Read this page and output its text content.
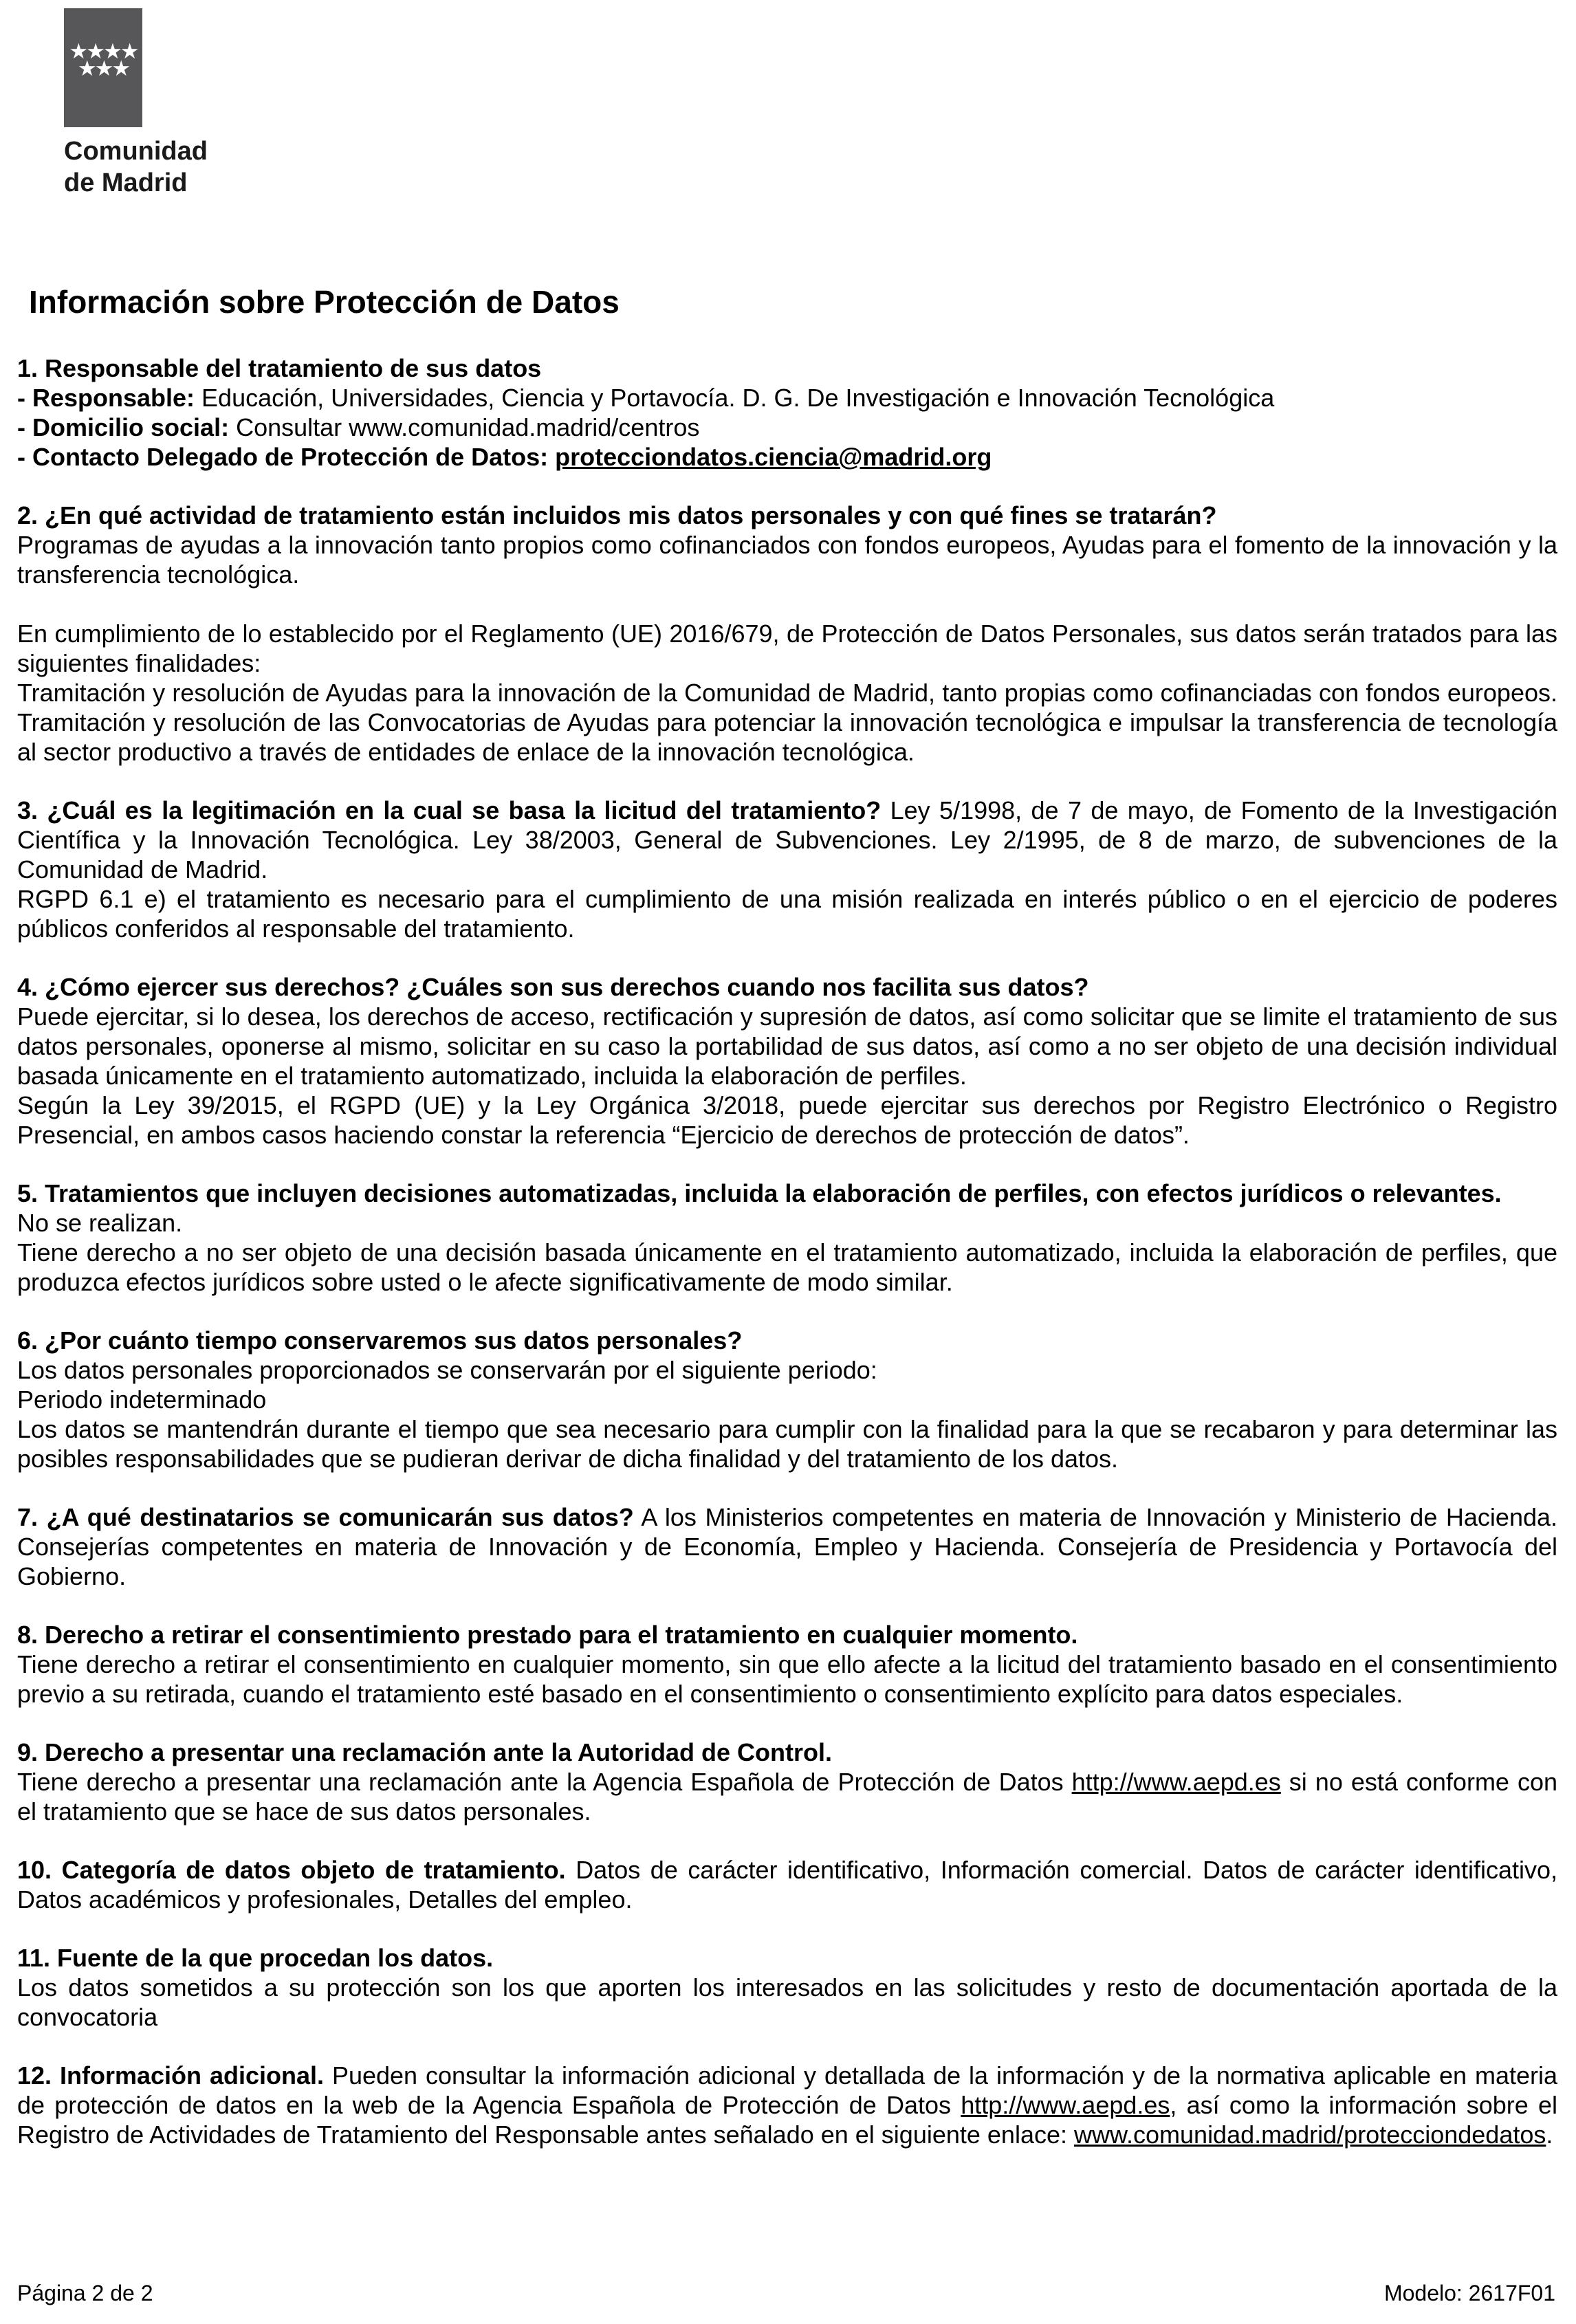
★★★★
★★★
Comunidad
de Madrid
Información sobre Protección de Datos
1. Responsable del tratamiento de sus datos
- Responsable: Educación, Universidades, Ciencia y Portavocía. D. G. De Investigación e Innovación Tecnológica
- Domicilio social: Consultar www.comunidad.madrid/centros
- Contacto Delegado de Protección de Datos: protecciondatos.ciencia@madrid.org
2. ¿En qué actividad de tratamiento están incluidos mis datos personales y con qué fines se tratarán?
Programas de ayudas a la innovación tanto propios como cofinanciados con fondos europeos, Ayudas para el fomento de la innovación y la transferencia tecnológica.
En cumplimiento de lo establecido por el Reglamento (UE) 2016/679, de Protección de Datos Personales, sus datos serán tratados para las siguientes finalidades:
Tramitación y resolución de Ayudas para la innovación de la Comunidad de Madrid, tanto propias como cofinanciadas con fondos europeos. Tramitación y resolución de las Convocatorias de Ayudas para potenciar la innovación tecnológica e impulsar la transferencia de tecnología al sector productivo a través de entidades de enlace de la innovación tecnológica.
3. ¿Cuál es la legitimación en la cual se basa la licitud del tratamiento? Ley 5/1998, de 7 de mayo, de Fomento de la Investigación Científica y la Innovación Tecnológica. Ley 38/2003, General de Subvenciones. Ley 2/1995, de 8 de marzo, de subvenciones de la Comunidad de Madrid.
RGPD 6.1 e) el tratamiento es necesario para el cumplimiento de una misión realizada en interés público o en el ejercicio de poderes públicos conferidos al responsable del tratamiento.
4. ¿Cómo ejercer sus derechos? ¿Cuáles son sus derechos cuando nos facilita sus datos?
Puede ejercitar, si lo desea, los derechos de acceso, rectificación y supresión de datos, así como solicitar que se limite el tratamiento de sus datos personales, oponerse al mismo, solicitar en su caso la portabilidad de sus datos, así como a no ser objeto de una decisión individual basada únicamente en el tratamiento automatizado, incluida la elaboración de perfiles.
Según la Ley 39/2015, el RGPD (UE) y la Ley Orgánica 3/2018, puede ejercitar sus derechos por Registro Electrónico o Registro Presencial, en ambos casos haciendo constar la referencia “Ejercicio de derechos de protección de datos”.
5. Tratamientos que incluyen decisiones automatizadas, incluida la elaboración de perfiles, con efectos jurídicos o relevantes.
No se realizan.
Tiene derecho a no ser objeto de una decisión basada únicamente en el tratamiento automatizado, incluida la elaboración de perfiles, que produzca efectos jurídicos sobre usted o le afecte significativamente de modo similar.
6. ¿Por cuánto tiempo conservaremos sus datos personales?
Los datos personales proporcionados se conservarán por el siguiente periodo:
Periodo indeterminado
Los datos se mantendrán durante el tiempo que sea necesario para cumplir con la finalidad para la que se recabaron y para determinar las posibles responsabilidades que se pudieran derivar de dicha finalidad y del tratamiento de los datos.
7. ¿A qué destinatarios se comunicarán sus datos? A los Ministerios competentes en materia de Innovación y Ministerio de Hacienda. Consejerías competentes en materia de Innovación y de Economía, Empleo y Hacienda. Consejería de Presidencia y Portavocía del Gobierno.
8. Derecho a retirar el consentimiento prestado para el tratamiento en cualquier momento.
Tiene derecho a retirar el consentimiento en cualquier momento, sin que ello afecte a la licitud del tratamiento basado en el consentimiento previo a su retirada, cuando el tratamiento esté basado en el consentimiento o consentimiento explícito para datos especiales.
9. Derecho a presentar una reclamación ante la Autoridad de Control.
Tiene derecho a presentar una reclamación ante la Agencia Española de Protección de Datos http://www.aepd.es si no está conforme con el tratamiento que se hace de sus datos personales.
10. Categoría de datos objeto de tratamiento. Datos de carácter identificativo, Información comercial. Datos de carácter identificativo, Datos académicos y profesionales, Detalles del empleo.
11. Fuente de la que procedan los datos.
Los datos sometidos a su protección son los que aporten los interesados en las solicitudes y resto de documentación aportada de la convocatoria
12. Información adicional. Pueden consultar la información adicional y detallada de la información y de la normativa aplicable en materia de protección de datos en la web de la Agencia Española de Protección de Datos http://www.aepd.es, así como la información sobre el Registro de Actividades de Tratamiento del Responsable antes señalado en el siguiente enlace: www.comunidad.madrid/protecciondedatos.
Página 2 de 2	Modelo: 2617F01
